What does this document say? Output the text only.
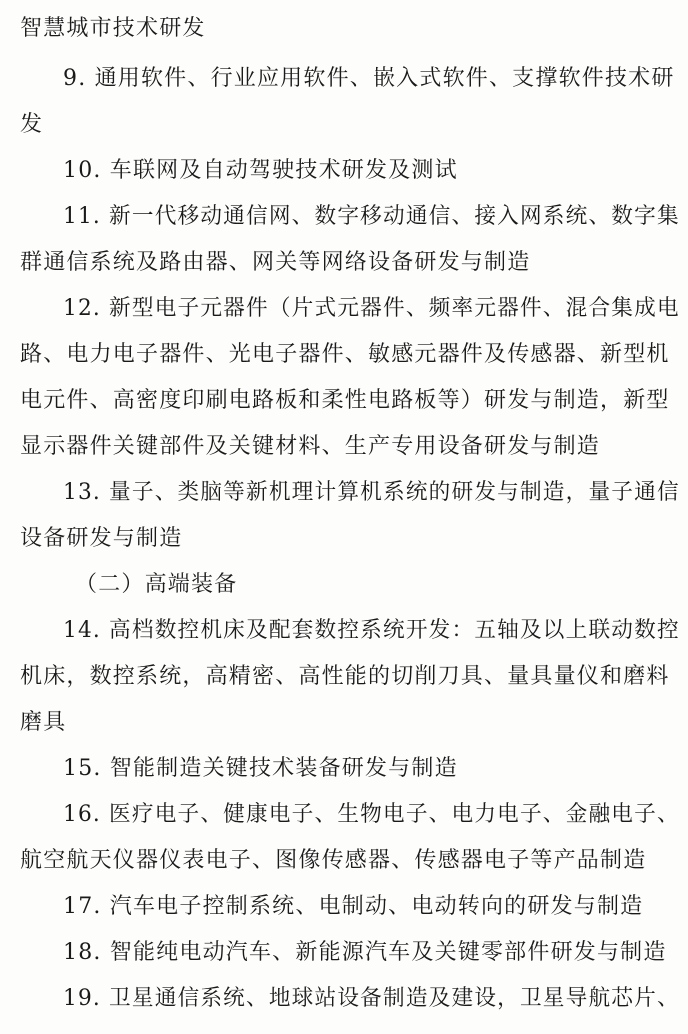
智慧城市技术研发
9. 通用软件、行业应用软件、嵌入式软件、支撑软件技术研
发
10. 车联网及自动驾驶技术研发及测试
11. 新一代移动通信网、数字移动通信、接入网系统、数字集
群通信系统及路由器、网关等网络设备研发与制造
12. 新型电子元器件（片式元器件、频率元器件、混合集成电
路、电力电子器件、光电子器件、敏感元器件及传感器、新型机
电元件、高密度印刷电路板和柔性电路板等）研发与制造，新型
显示器件关键部件及关键材料、生产专用设备研发与制造
13. 量子、类脑等新机理计算机系统的研发与制造，量子通信
设备研发与制造
（二）高端装备
14. 高档数控机床及配套数控系统开发：五轴及以上联动数控
机床，数控系统，高精密、高性能的切削刀具、量具量仪和磨料
磨具
15. 智能制造关键技术装备研发与制造
16. 医疗电子、健康电子、生物电子、电力电子、金融电子、
航空航天仪器仪表电子、图像传感器、传感器电子等产品制造
17. 汽车电子控制系统、电制动、电动转向的研发与制造
18. 智能纯电动汽车、新能源汽车及关键零部件研发与制造
19. 卫星通信系统、地球站设备制造及建设，卫星导航芯片、
